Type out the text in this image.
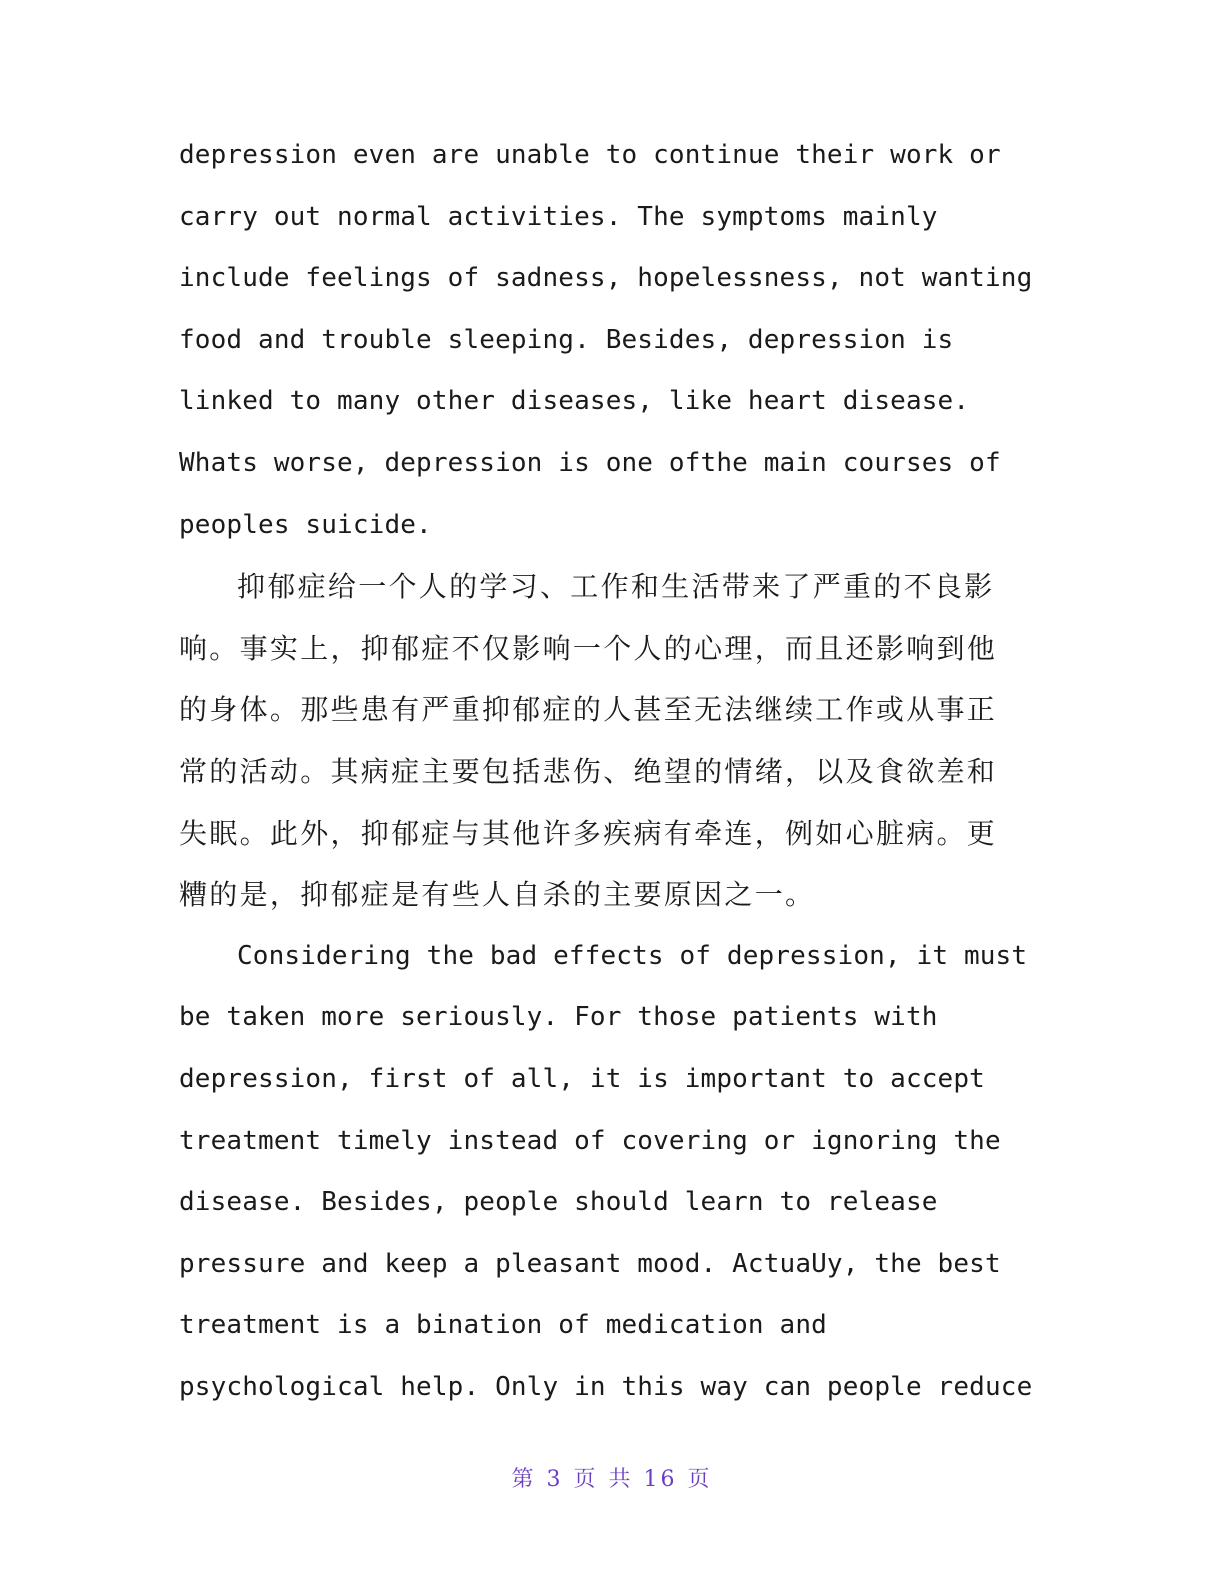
depression even are unable to continue their work or
carry out normal activities. The symptoms mainly
include feelings of sadness, hopelessness, not wanting
food and trouble sleeping. Besides, depression is
linked to many other diseases, like heart disease.
Whats worse, depression is one ofthe main courses of
peoples suicide.
抑郁症给一个人的学习、工作和生活带来了严重的不良影
响。事实上，抑郁症不仅影响一个人的心理，而且还影响到他
的身体。那些患有严重抑郁症的人甚至无法继续工作或从事正
常的活动。其病症主要包括悲伤、绝望的情绪，以及食欲差和
失眠。此外，抑郁症与其他许多疾病有牵连，例如心脏病。更
糟的是，抑郁症是有些人自杀的主要原因之一。
Considering the bad effects of depression, it must
be taken more seriously. For those patients with
depression, first of all, it is important to accept
treatment timely instead of covering or ignoring the
disease. Besides, people should learn to release
pressure and keep a pleasant mood. ActuaUy, the best
treatment is a bination of medication and
psychological help. Only in this way can people reduce
第 3 页 共 16 页
